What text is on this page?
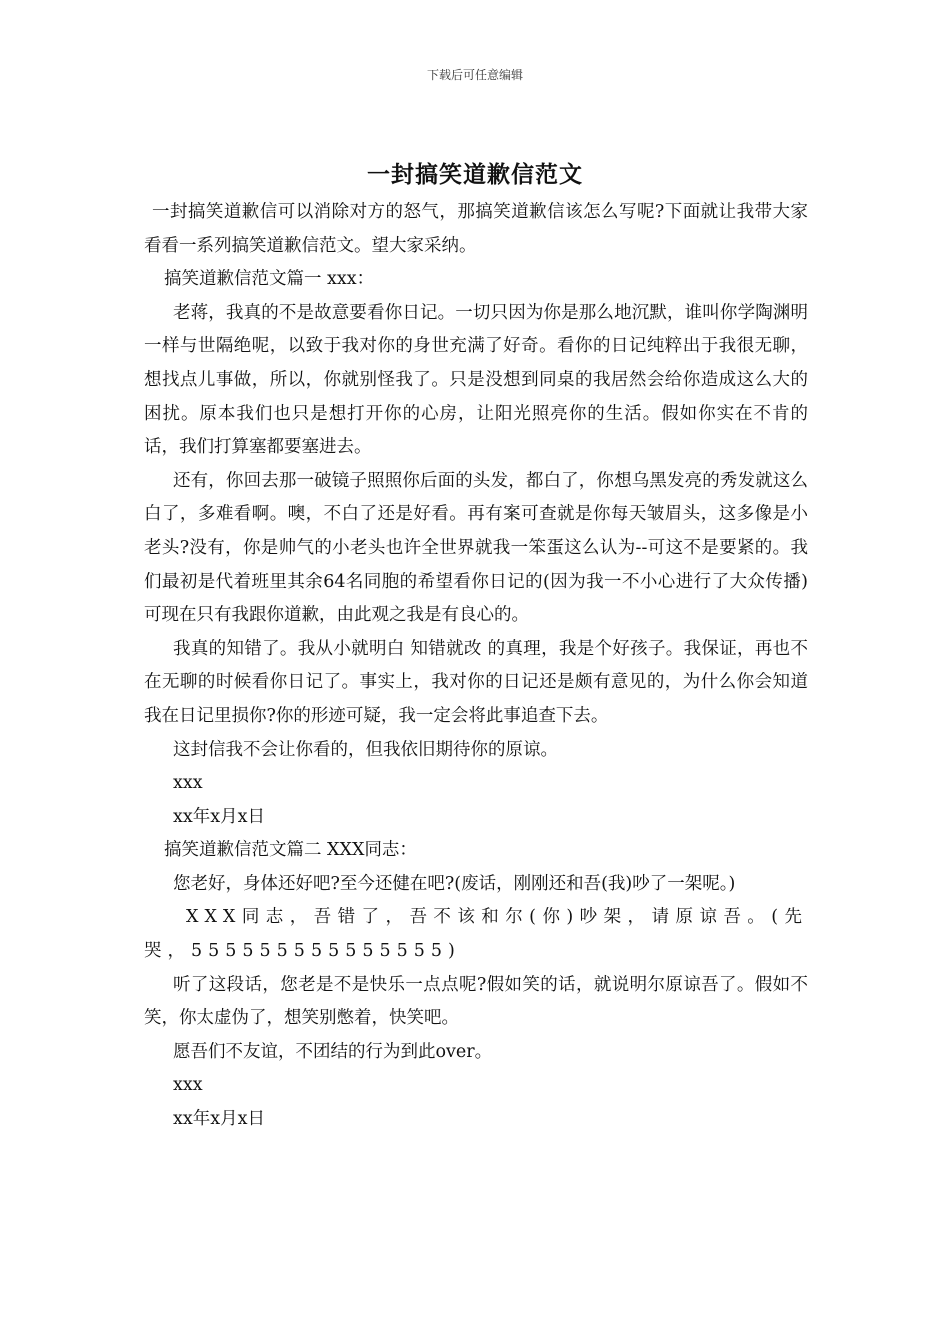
下载后可任意编辑
一封搞笑道歉信范文

一封搞笑道歉信可以消除对方的怒气，那搞笑道歉信该怎么写呢?下面就让我带大家看看一系列搞笑道歉信范文。望大家采纳。

搞笑道歉信范文篇一 xxx：

老蒋，我真的不是故意要看你日记。一切只因为你是那么地沉默，谁叫你学陶渊明一样与世隔绝呢，以致于我对你的身世充满了好奇。看你的日记纯粹出于我很无聊，想找点儿事做，所以，你就别怪我了。只是没想到同桌的我居然会给你造成这么大的困扰。原本我们也只是想打开你的心房，让阳光照亮你的生活。假如你实在不肯的话，我们打算塞都要塞进去。

还有，你回去那一破镜子照照你后面的头发，都白了，你想乌黑发亮的秀发就这么白了，多难看啊。噢，不白了还是好看。再有案可查就是你每天皱眉头，这多像是小老头?没有，你是帅气的小老头也许全世界就我一笨蛋这么认为--可这不是要紧的。我们最初是代着班里其余64名同胞的希望看你日记的(因为我一不小心进行了大众传播)可现在只有我跟你道歉，由此观之我是有良心的。

我真的知错了。我从小就明白 知错就改 的真理，我是个好孩子。我保证，再也不在无聊的时候看你日记了。事实上，我对你的日记还是颇有意见的，为什么你会知道我在日记里损你?你的形迹可疑，我一定会将此事追查下去。

这封信我不会让你看的，但我依旧期待你的原谅。

xxx

xx年x月x日

搞笑道歉信范文篇二 XXX同志：

您老好，身体还好吧?至今还健在吧?(废话，刚刚还和吾(我)吵了一架呢。)

XXX同志，吾错了，吾不该和尔(你)吵架，请原谅吾。(先哭，555555555555555)

听了这段话，您老是不是快乐一点点呢?假如笑的话，就说明尔原谅吾了。假如不笑，你太虚伪了，想笑别憋着，快笑吧。

愿吾们不友谊，不团结的行为到此over。

xxx

xx年x月x日
